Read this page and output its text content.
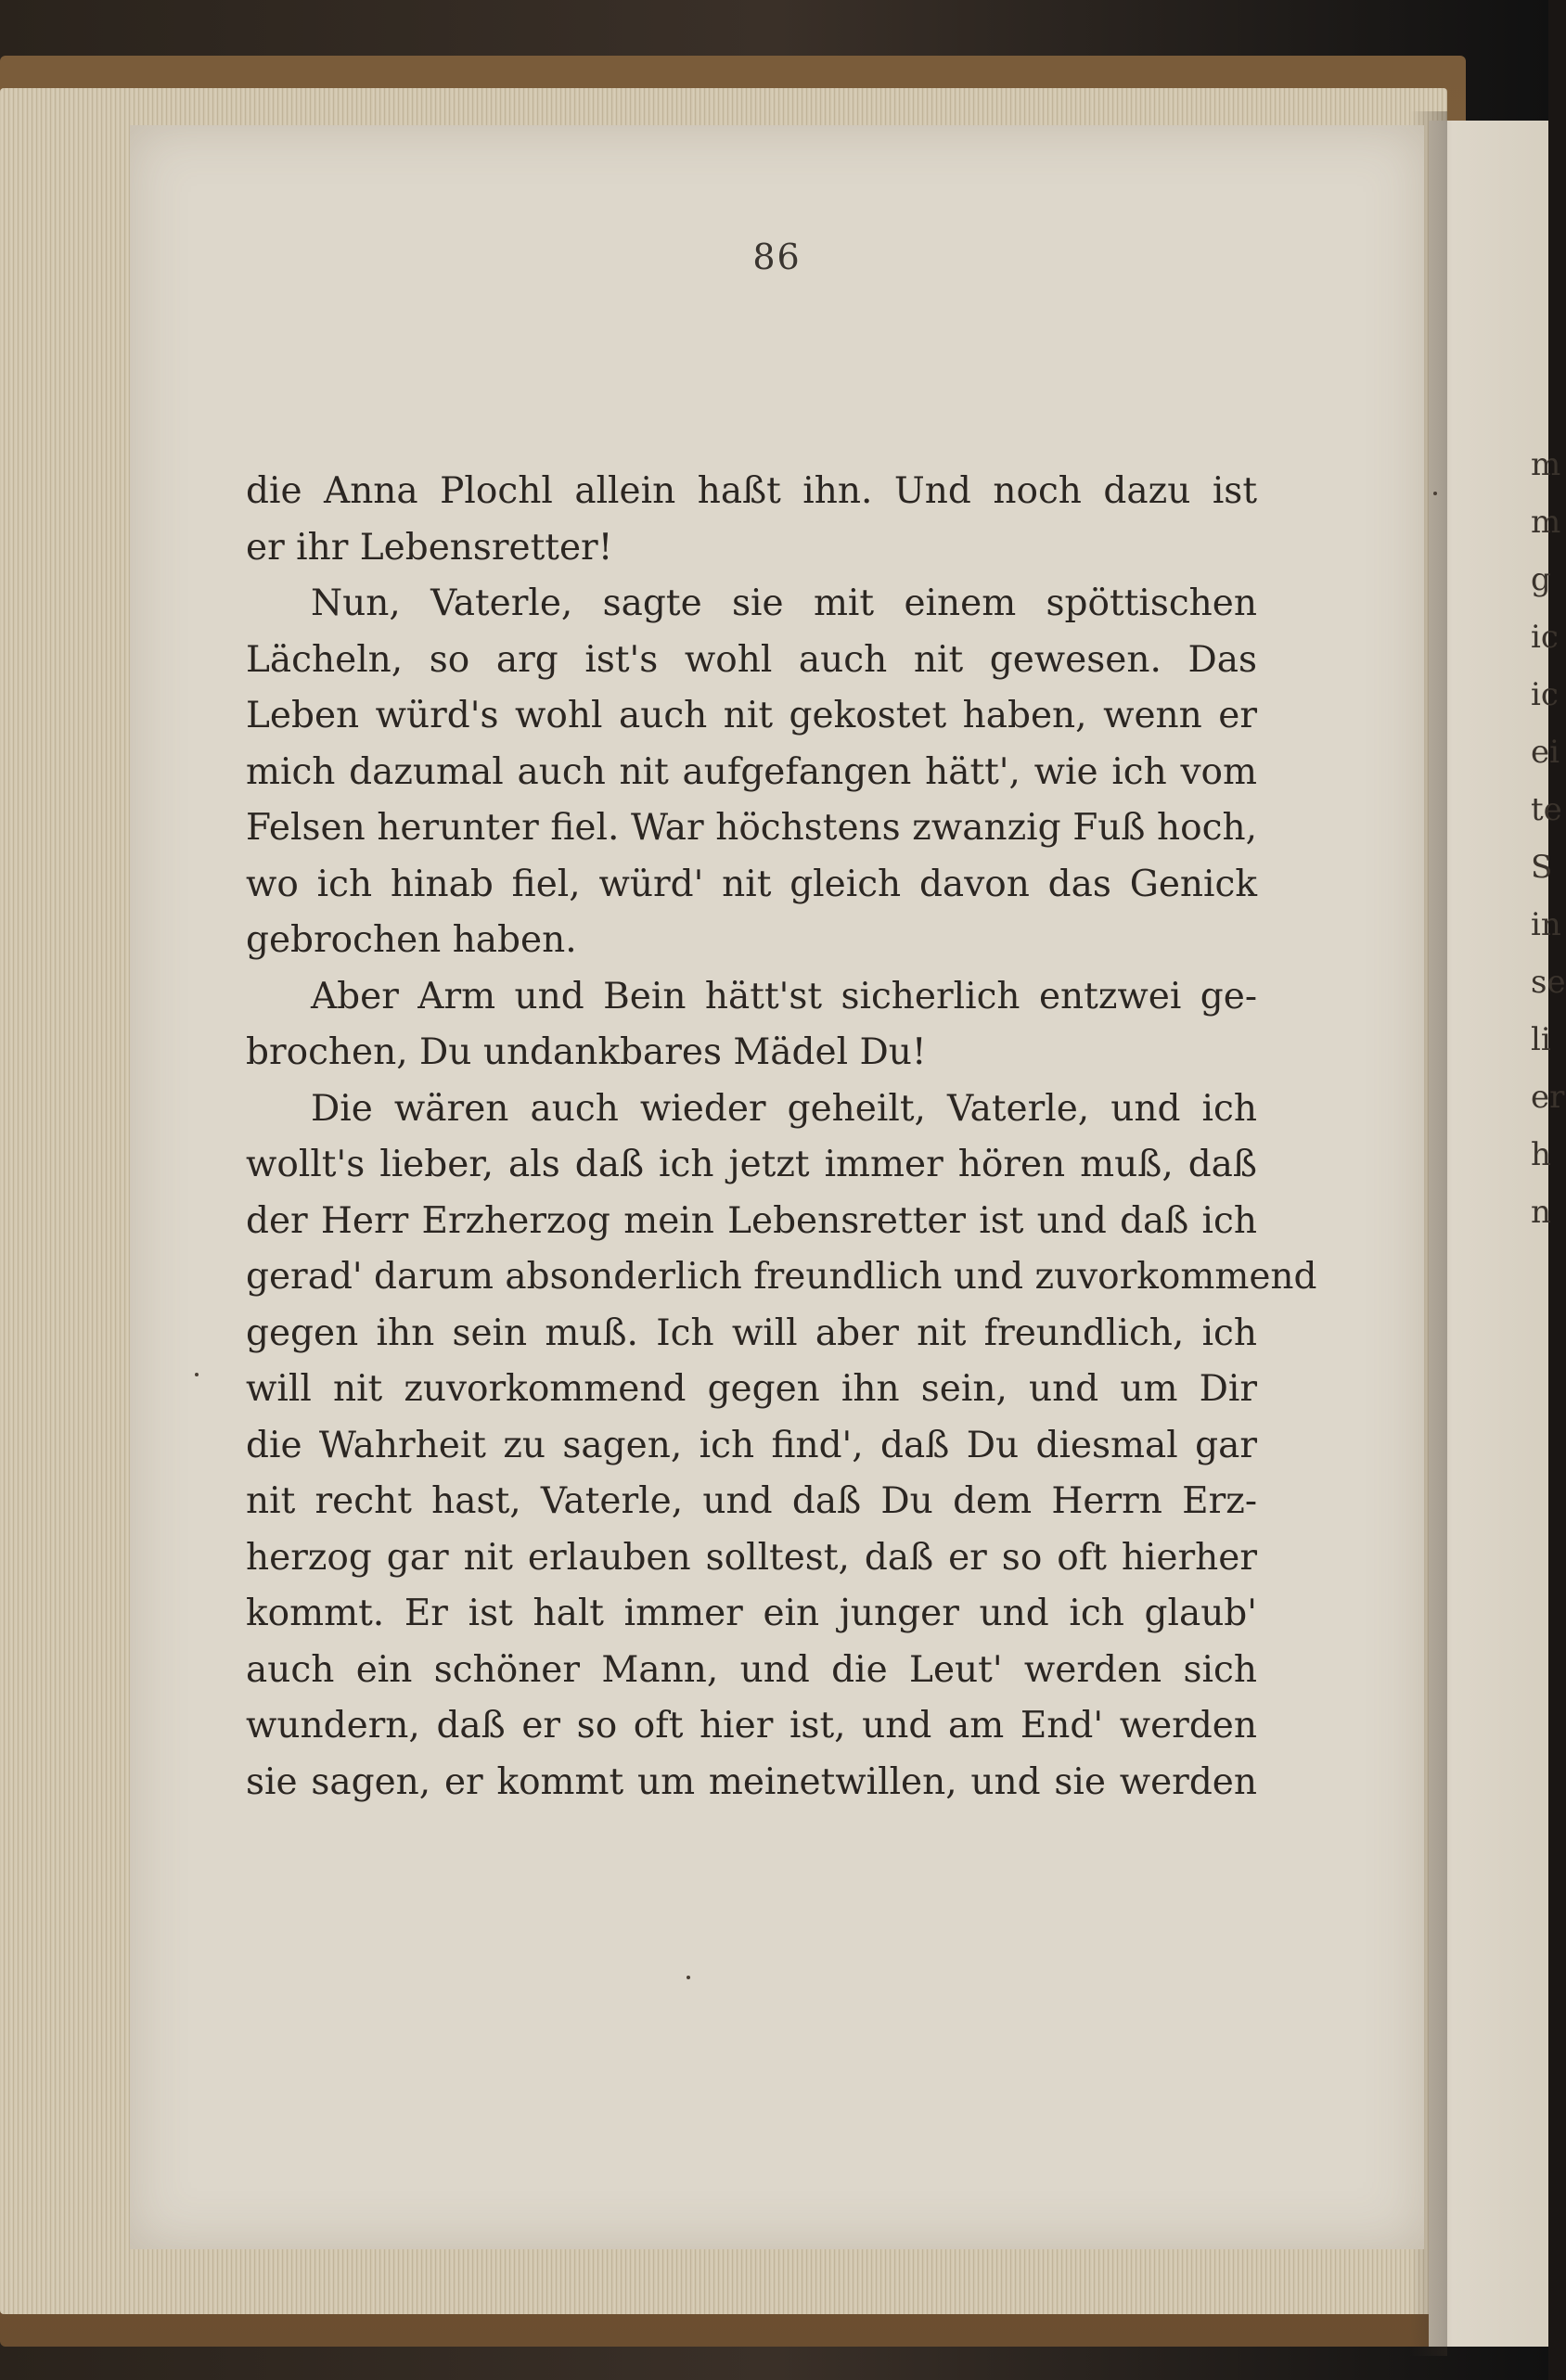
m
m
g
ic
ic
ei
te
S
in
se
li
er
h
n
86
die Anna Plochl allein haßt ihn. Und noch dazu ist
er ihr Lebensretter!
Nun, Vaterle, sagte sie mit einem spöttischen
Lächeln, so arg ist's wohl auch nit gewesen. Das
Leben würd's wohl auch nit gekostet haben, wenn er
mich dazumal auch nit aufgefangen hätt', wie ich vom
Felsen herunter fiel. War höchstens zwanzig Fuß hoch,
wo ich hinab fiel, würd' nit gleich davon das Genick
gebrochen haben.
Aber Arm und Bein hätt'st sicherlich entzwei ge-
brochen, Du undankbares Mädel Du!
Die wären auch wieder geheilt, Vaterle, und ich
wollt's lieber, als daß ich jetzt immer hören muß, daß
der Herr Erzherzog mein Lebensretter ist und daß ich
gerad' darum absonderlich freundlich und zuvorkommend
gegen ihn sein muß. Ich will aber nit freundlich, ich
will nit zuvorkommend gegen ihn sein, und um Dir
die Wahrheit zu sagen, ich find', daß Du diesmal gar
nit recht hast, Vaterle, und daß Du dem Herrn Erz-
herzog gar nit erlauben solltest, daß er so oft hierher
kommt. Er ist halt immer ein junger und ich glaub'
auch ein schöner Mann, und die Leut' werden sich
wundern, daß er so oft hier ist, und am End' werden
sie sagen, er kommt um meinetwillen, und sie werden
